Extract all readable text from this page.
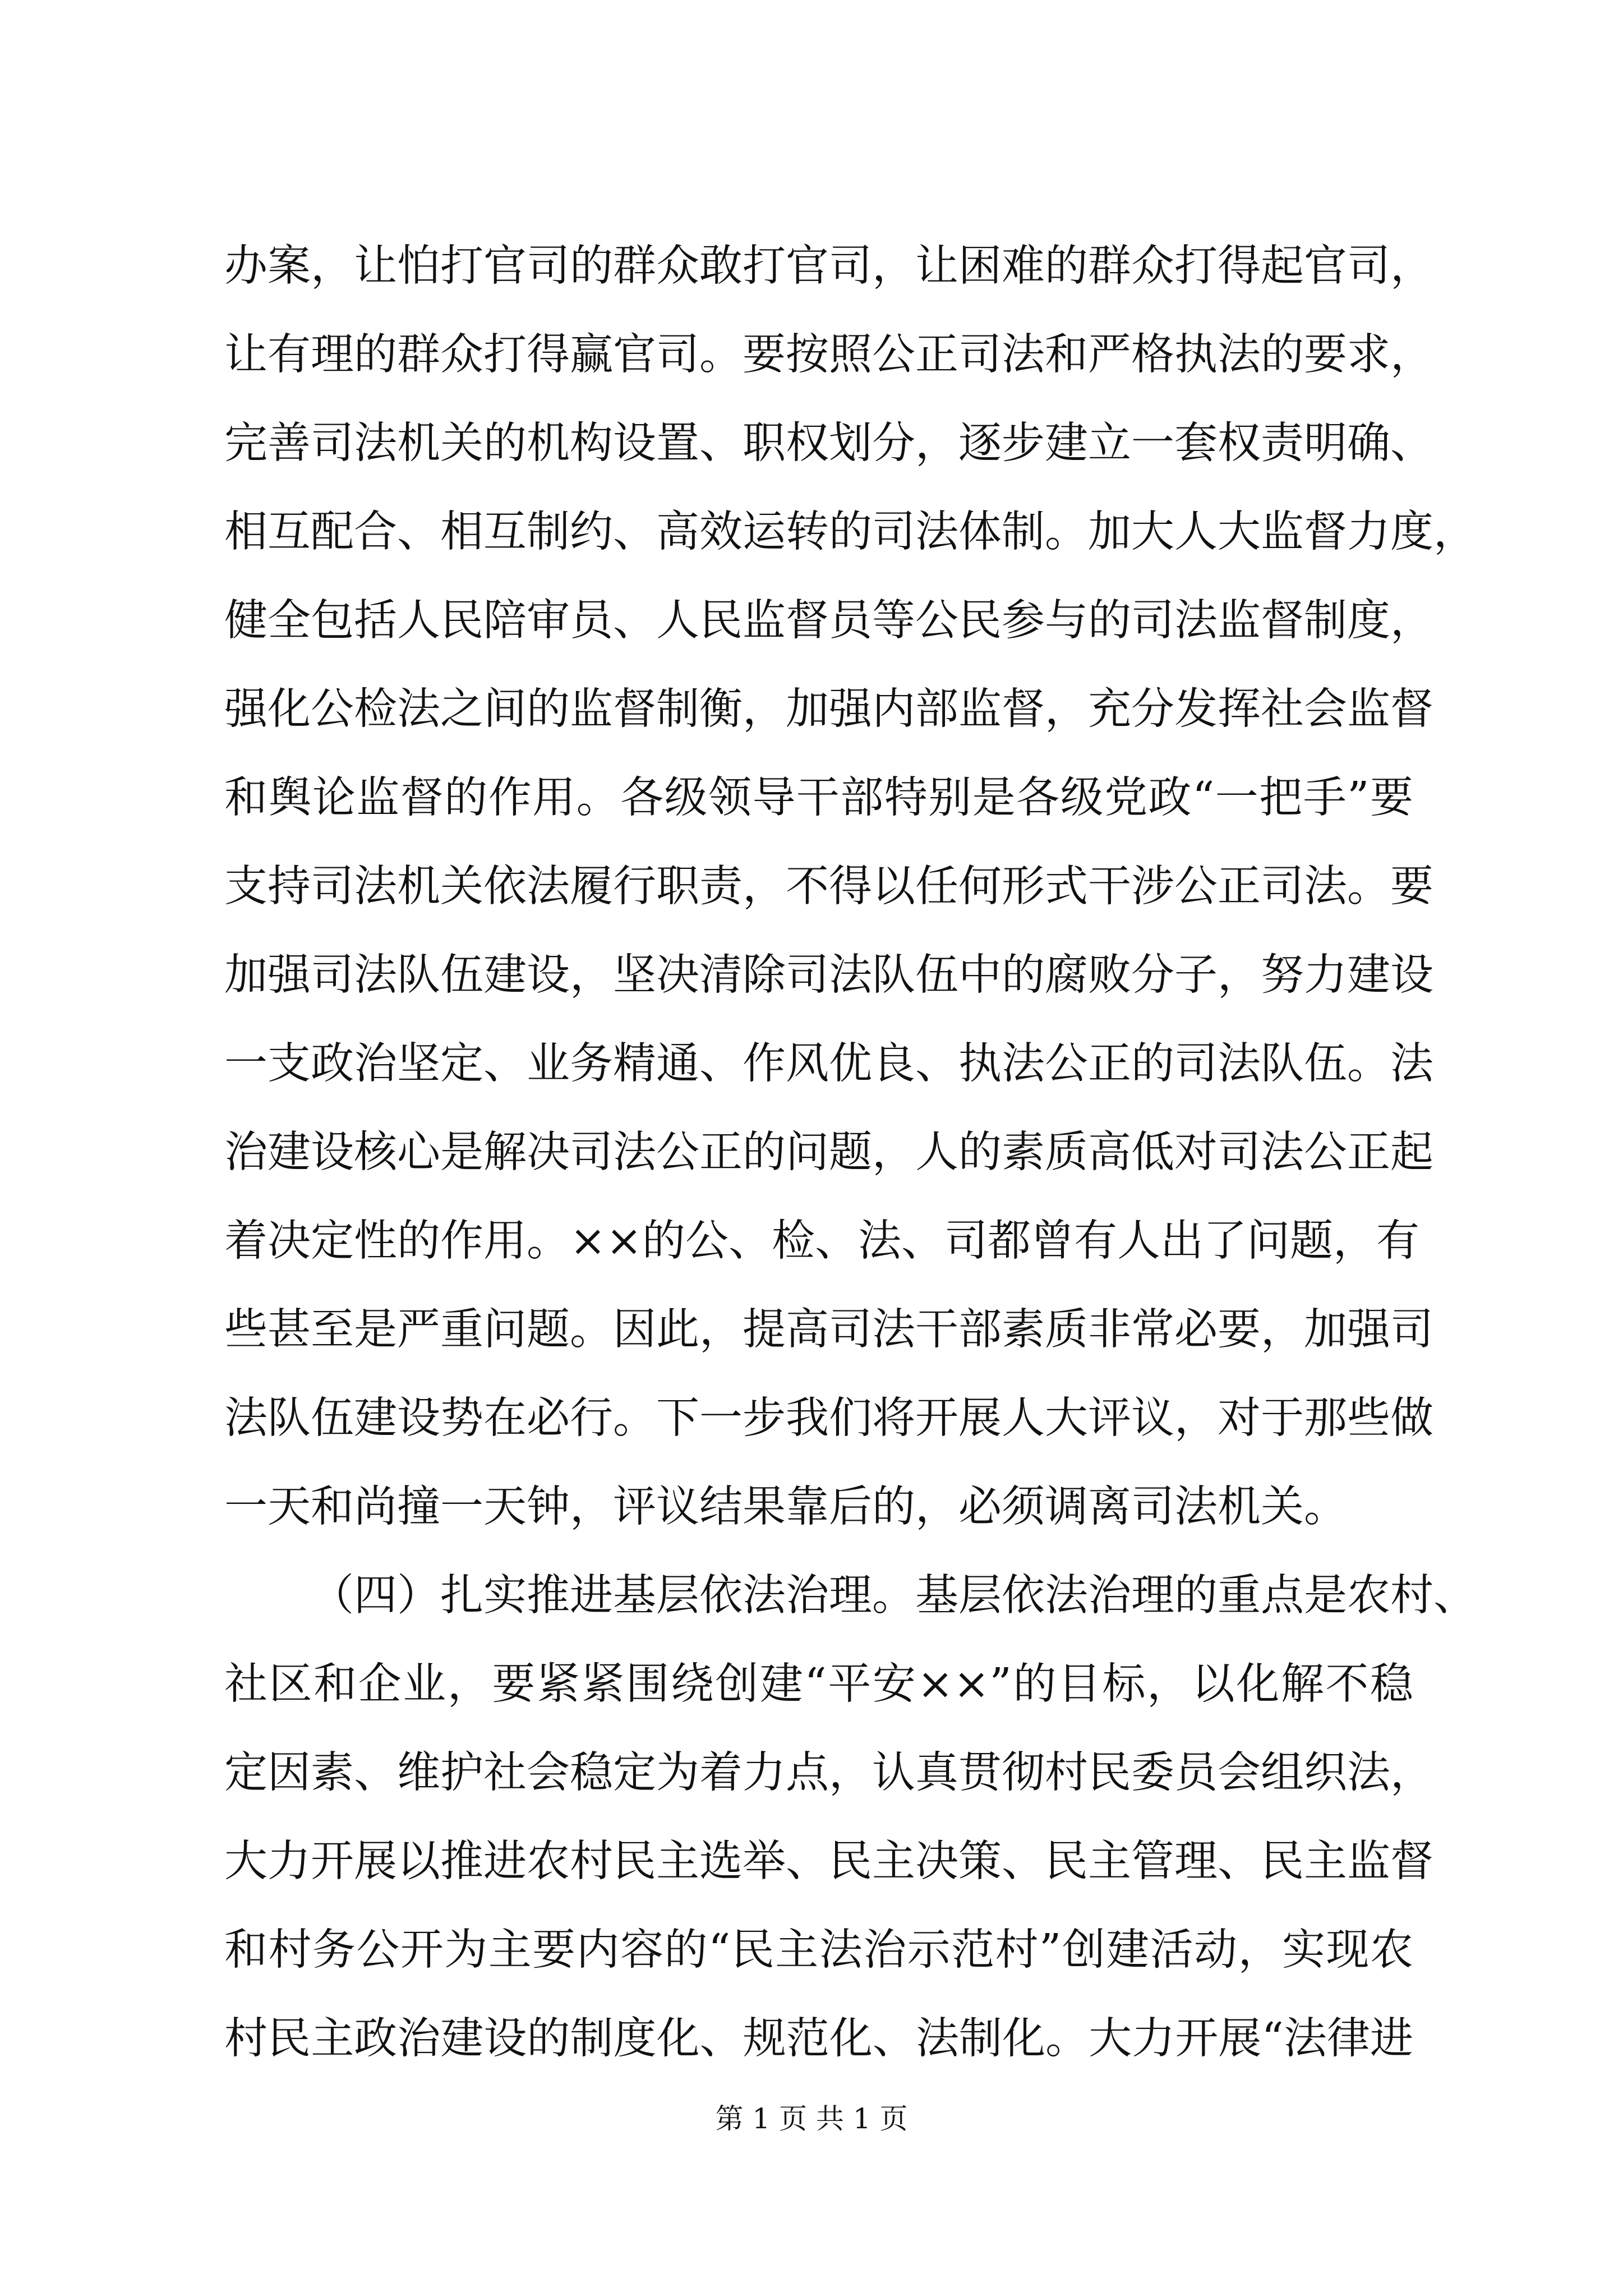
办案，让怕打官司的群众敢打官司，让困难的群众打得起官司，
让有理的群众打得赢官司。要按照公正司法和严格执法的要求，
完善司法机关的机构设置、职权划分，逐步建立一套权责明确、
相互配合、相互制约、高效运转的司法体制。加大人大监督力度，
健全包括人民陪审员、人民监督员等公民参与的司法监督制度，
强化公检法之间的监督制衡，加强内部监督，充分发挥社会监督
和舆论监督的作用。各级领导干部特别是各级党政“一把手”要
支持司法机关依法履行职责，不得以任何形式干涉公正司法。要
加强司法队伍建设，坚决清除司法队伍中的腐败分子，努力建设
一支政治坚定、业务精通、作风优良、执法公正的司法队伍。法
治建设核心是解决司法公正的问题，人的素质高低对司法公正起
着决定性的作用。××的公、检、法、司都曾有人出了问题，有
些甚至是严重问题。因此，提高司法干部素质非常必要，加强司
法队伍建设势在必行。下一步我们将开展人大评议，对于那些做
一天和尚撞一天钟，评议结果靠后的，必须调离司法机关。
（四）扎实推进基层依法治理。基层依法治理的重点是农村、
社区和企业，要紧紧围绕创建“平安××”的目标，以化解不稳
定因素、维护社会稳定为着力点，认真贯彻村民委员会组织法，
大力开展以推进农村民主选举、民主决策、民主管理、民主监督
和村务公开为主要内容的“民主法治示范村”创建活动，实现农
村民主政治建设的制度化、规范化、法制化。大力开展“法律进
第 1 页 共 1 页
